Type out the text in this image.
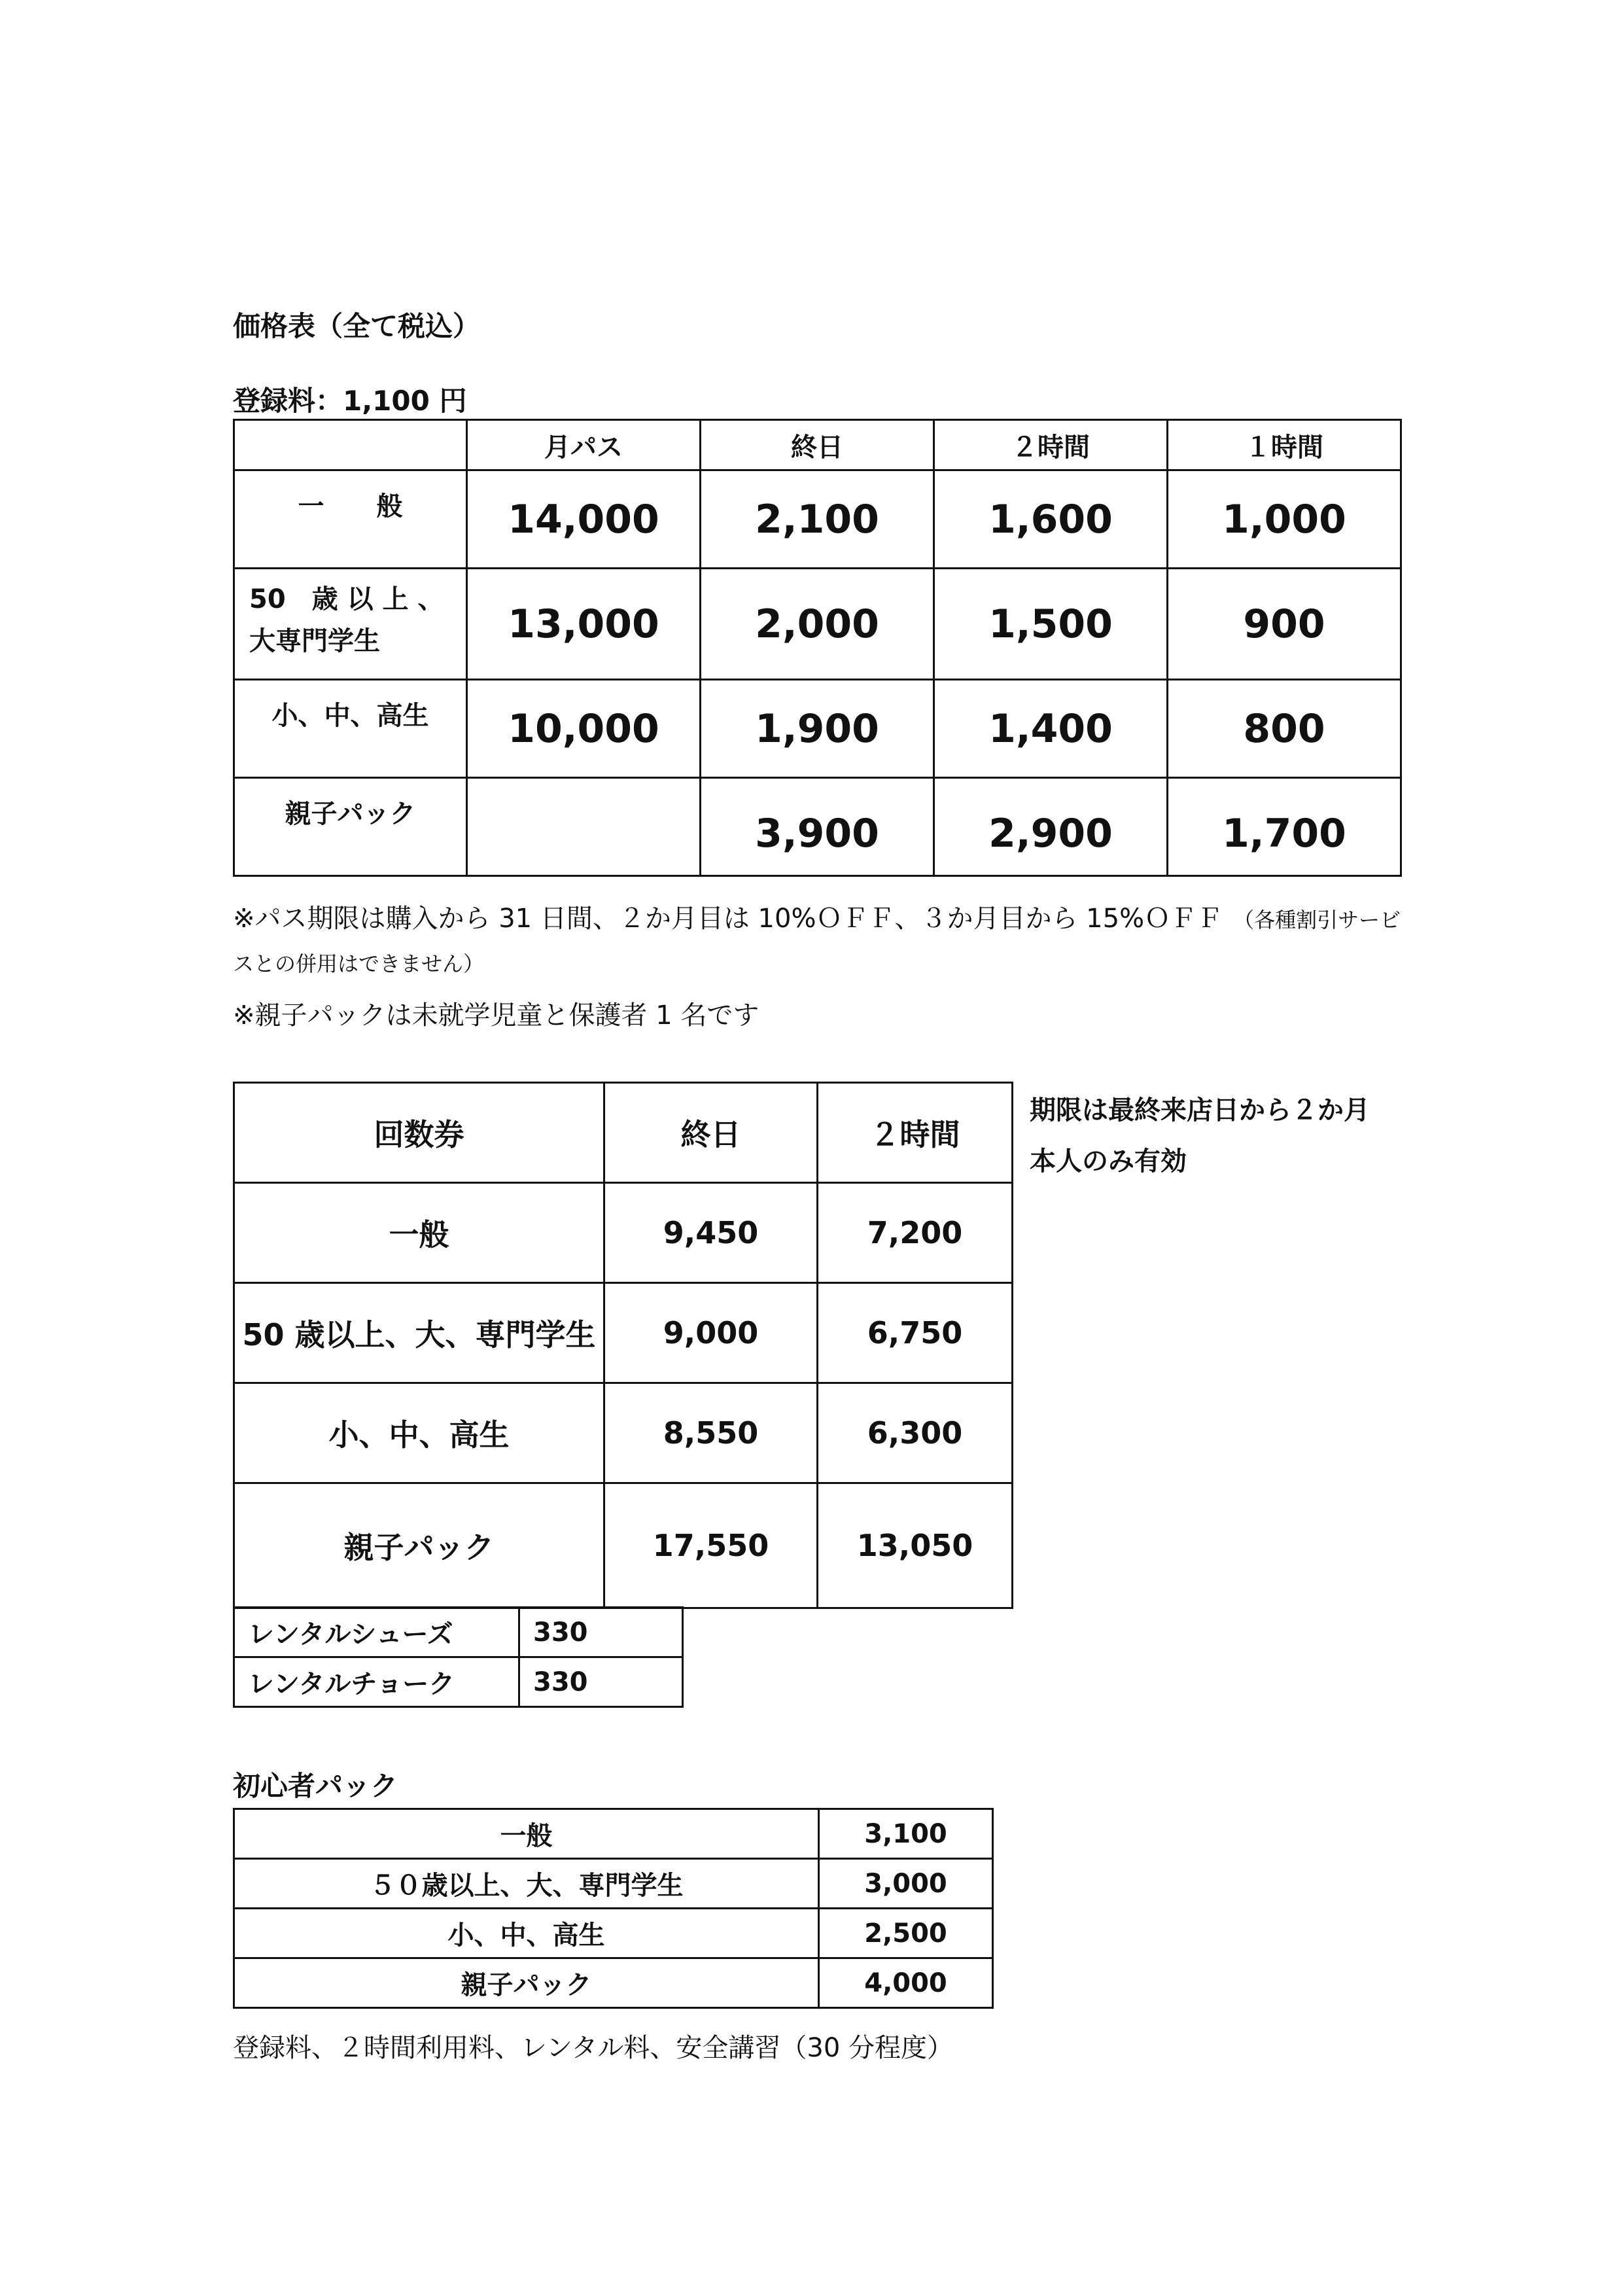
価格表（全て税込）
登録料：1,100 円
	月パス	終日	２時間	１時間
一　　般	14,000	2,100	1,600	1,000

50　歳 以 上 、
大専門学生	13,000	2,000	1,500	900
小、中、高生	10,000	1,900	1,400	800
親子パック		3,900	2,900	1,700
※パス期限は購入から 31 日間、２か月目は 10%ＯＦＦ、３か月目から 15%ＯＦＦ （各種割引サービ
スとの併用はできません）
※親子パックは未就学児童と保護者 1 名です
回数券	終日	２時間
一般	9,450	7,200
50 歳以上、大、専門学生	9,000	6,750
小、中、高生	8,550	6,300
親子パック	17,550	13,050
期限は最終来店日から２か月
本人のみ有効
レンタルシューズ	330
レンタルチョーク	330
初心者パック
一般	3,100
５０歳以上、大、専門学生	3,000
小、中、高生	2,500
親子パック	4,000
登録料、２時間利用料、レンタル料、安全講習（30 分程度）
